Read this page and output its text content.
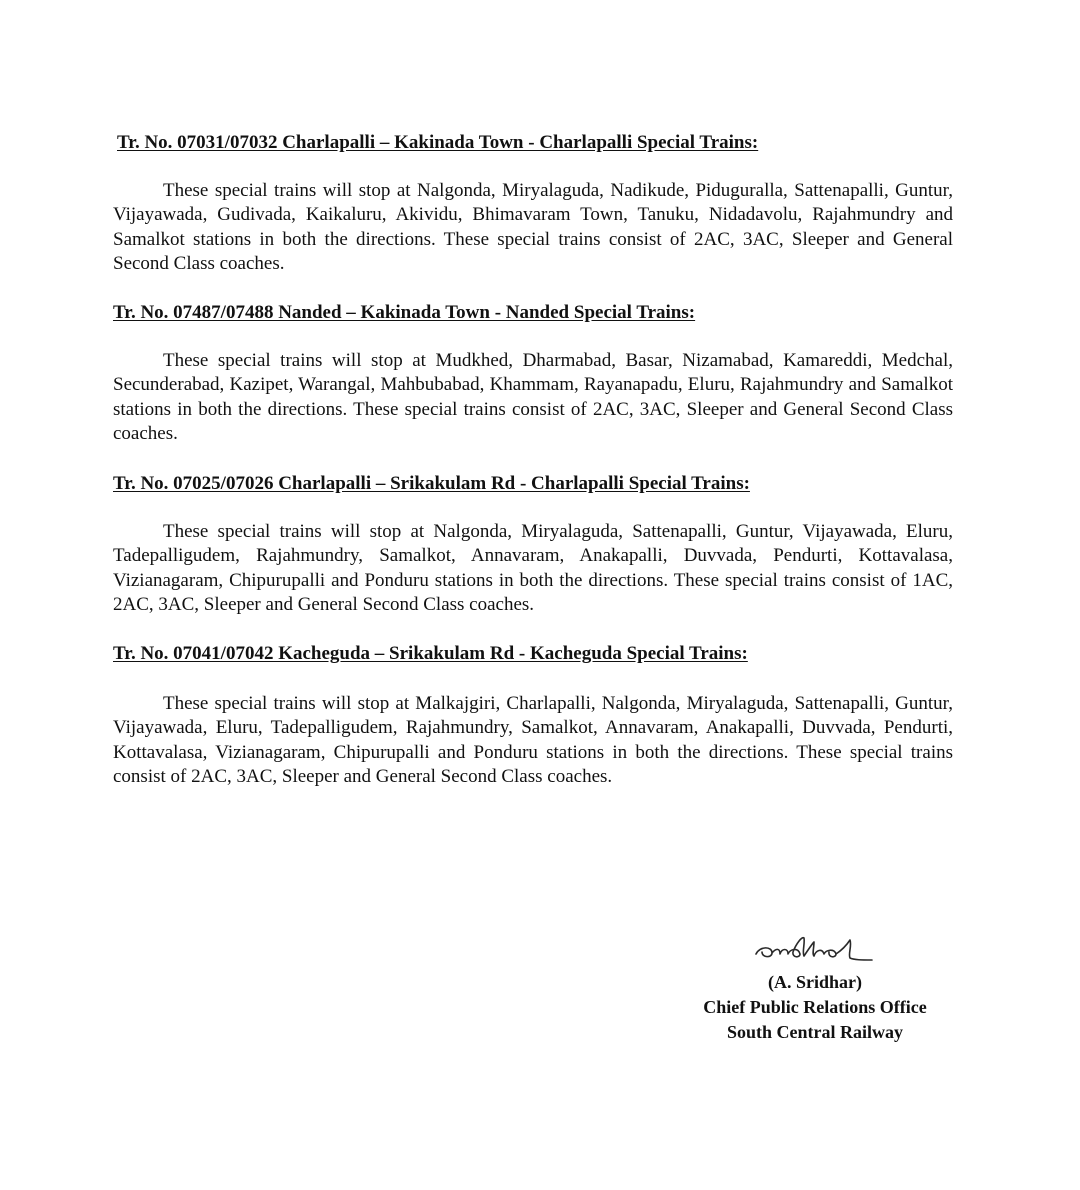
Tr. No. 07031/07032 Charlapalli – Kakinada Town - Charlapalli Special Trains:

These special trains will stop at Nalgonda, Miryalaguda, Nadikude, Piduguralla, Sattenapalli, Guntur, Vijayawada, Gudivada, Kaikaluru, Akividu, Bhimavaram Town, Tanuku, Nidadavolu, Rajahmundry and Samalkot stations in both the directions. These special trains consist of 2AC, 3AC, Sleeper and General Second Class coaches.

Tr. No. 07487/07488 Nanded – Kakinada Town - Nanded Special Trains:

These special trains will stop at Mudkhed, Dharmabad, Basar, Nizamabad, Kamareddi, Medchal, Secunderabad, Kazipet, Warangal, Mahbubabad, Khammam, Rayanapadu, Eluru, Rajahmundry and Samalkot stations in both the directions. These special trains consist of 2AC, 3AC, Sleeper and General Second Class coaches.

Tr. No. 07025/07026 Charlapalli – Srikakulam Rd - Charlapalli Special Trains:

These special trains will stop at Nalgonda, Miryalaguda, Sattenapalli, Guntur, Vijayawada, Eluru, Tadepalligudem, Rajahmundry, Samalkot, Annavaram, Anakapalli, Duvvada, Pendurti, Kottavalasa, Vizianagaram, Chipurupalli and Ponduru stations in both the directions. These special trains consist of 1AC, 2AC, 3AC, Sleeper and General Second Class coaches.

Tr. No. 07041/07042 Kacheguda – Srikakulam Rd - Kacheguda Special Trains:

These special trains will stop at Malkajgiri, Charlapalli, Nalgonda, Miryalaguda, Sattenapalli, Guntur, Vijayawada, Eluru, Tadepalligudem, Rajahmundry, Samalkot, Annavaram, Anakapalli, Duvvada, Pendurti, Kottavalasa, Vizianagaram, Chipurupalli and Ponduru stations in both the directions. These special trains consist of 2AC, 3AC, Sleeper and General Second Class coaches.

(A. Sridhar)

Chief Public Relations Office

South Central Railway
